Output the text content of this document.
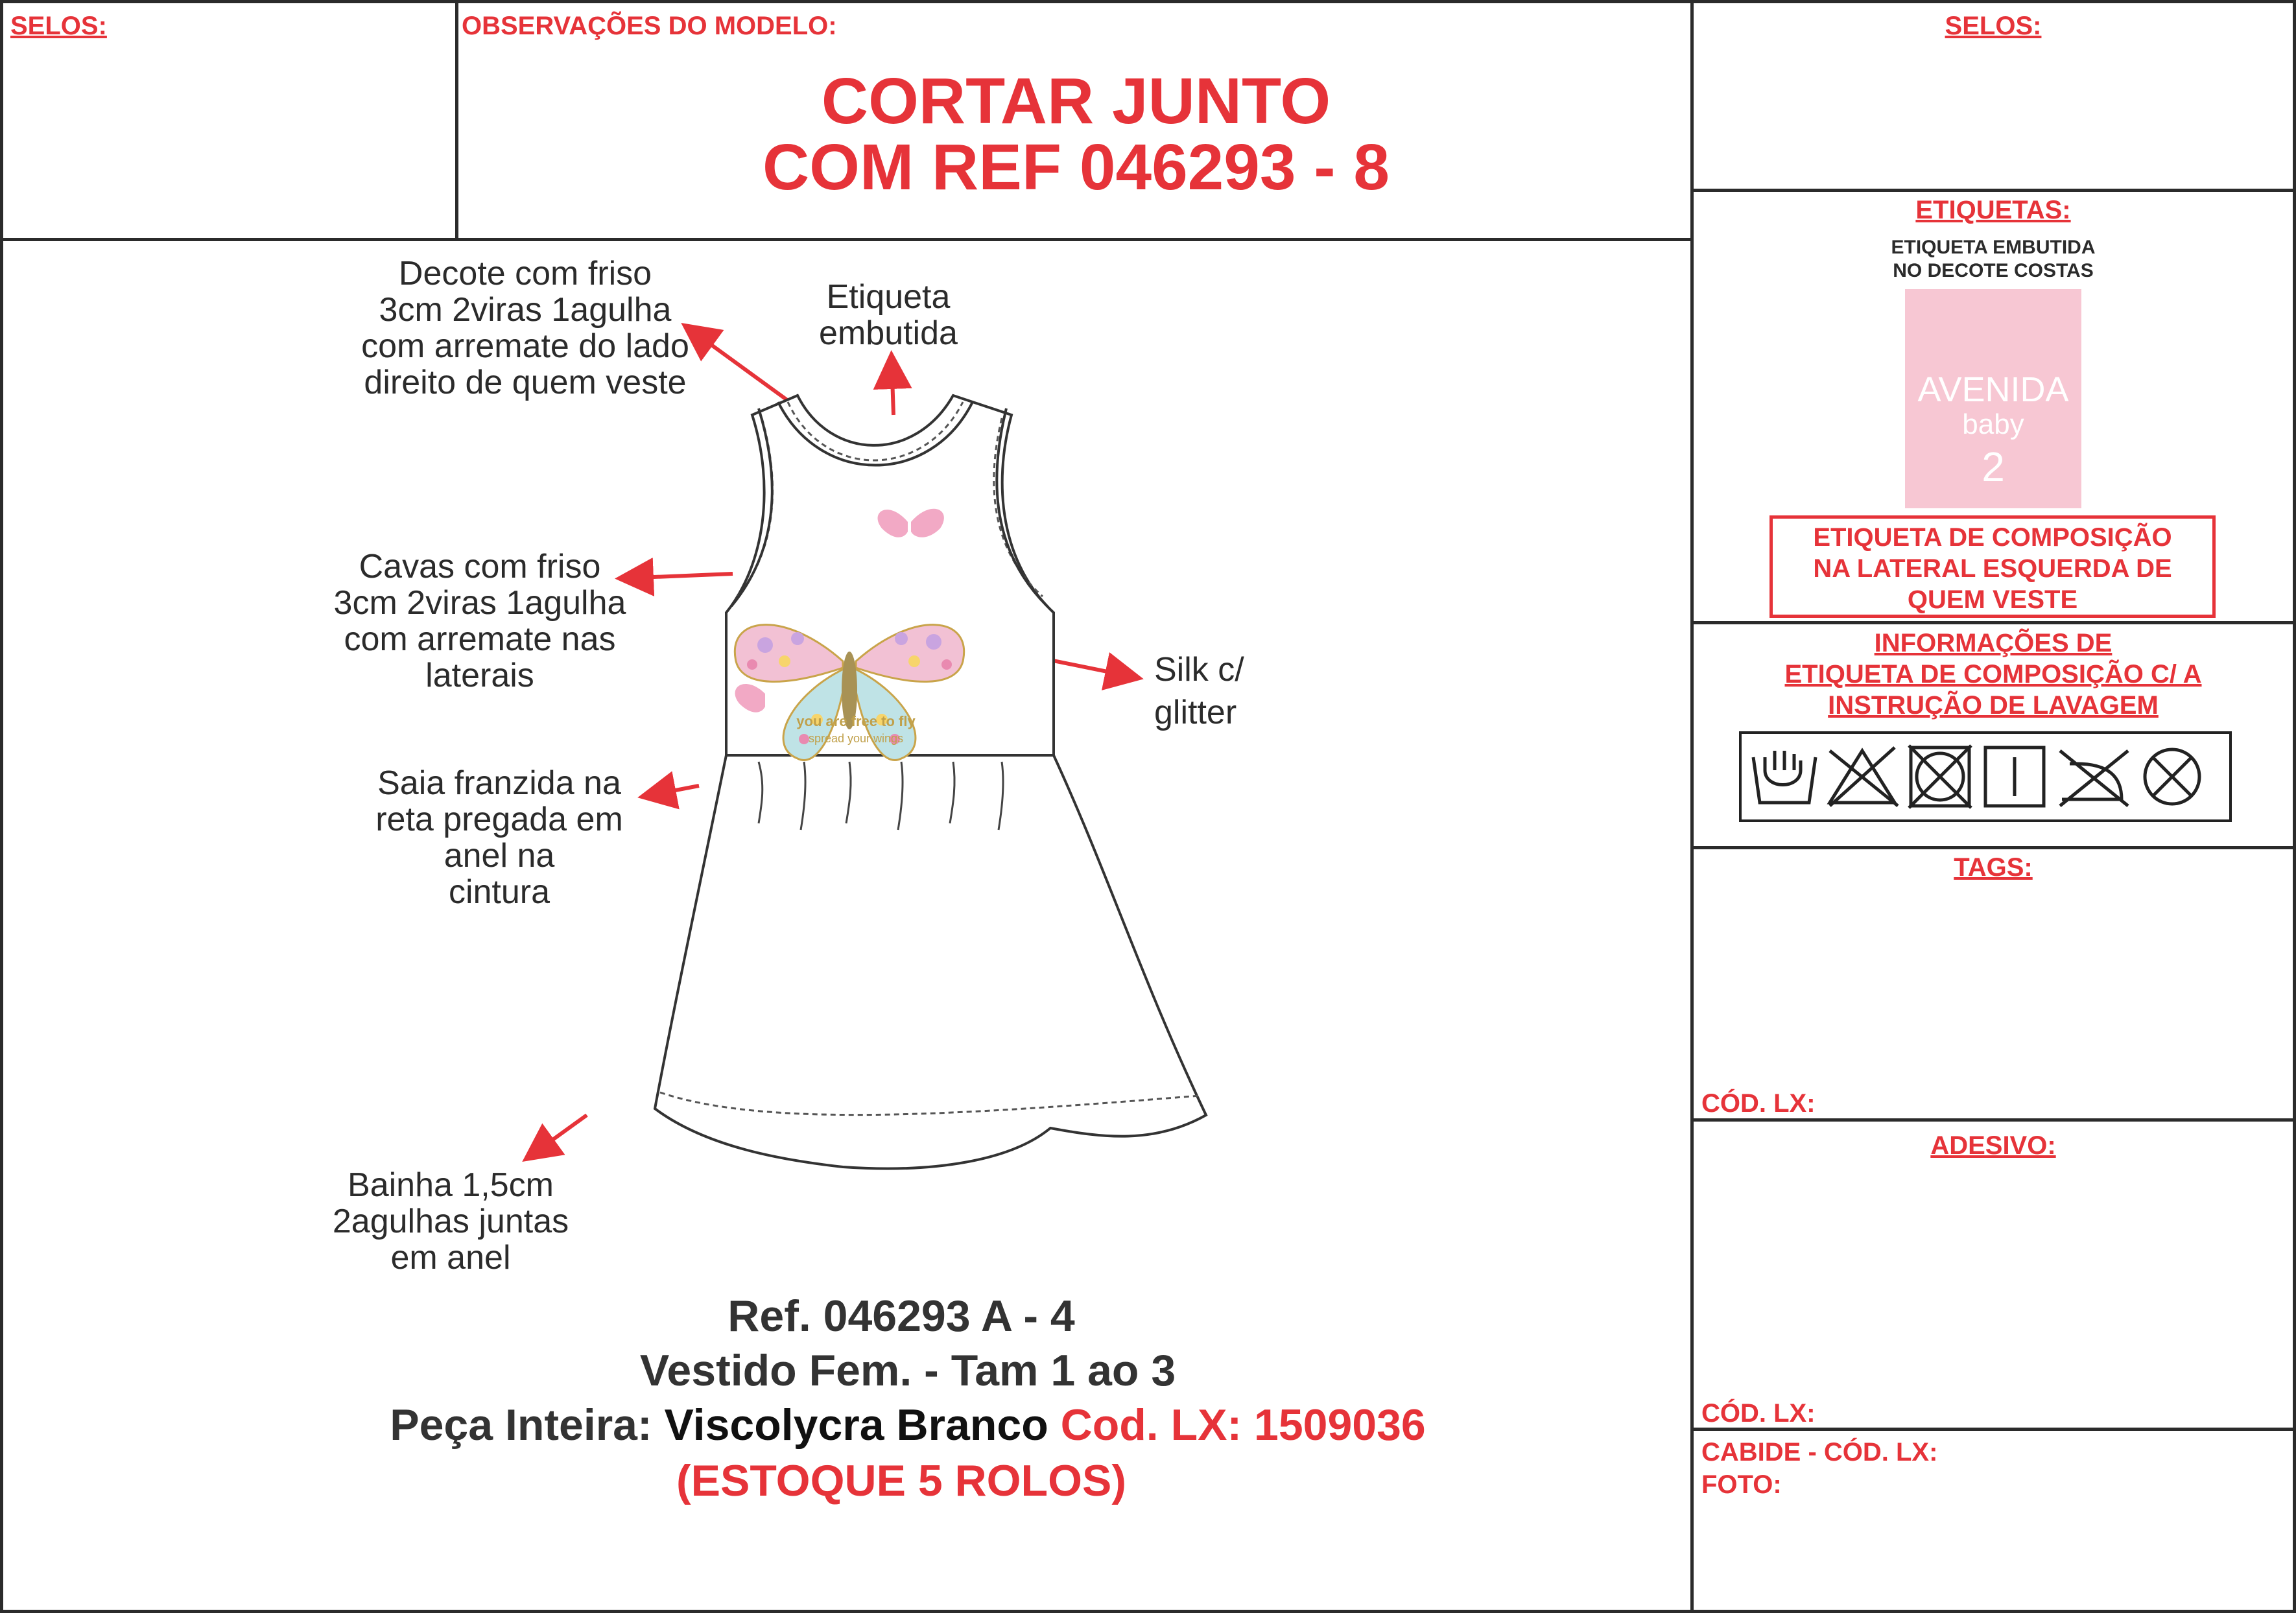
SELOS:	OBSERVAÇÕES DO MODELO:
CORTAR JUNTO
COM REF 046293 - 8
Decote com friso
3cm 2viras 1agulha
com arremate do lado
direito de quem veste
Etiqueta
embutida
Cavas com friso
3cm 2viras 1agulha
com arremate nas
laterais	Silk c/
glitter
Saia franzida na
reta pregada em
anel na
cintura
Bainha 1,5cm
2agulhas juntas
em anel
you are free to fly
spread your wings
Ref. 046293 A - 4
Vestido Fem. - Tam 1 ao 3
Peça Inteira: Viscolycra Branco Cod. LX: 1509036
(ESTOQUE 5 ROLOS)
SELOS:
ETIQUETAS:
ETIQUETA EMBUTIDA
NO DECOTE COSTAS
AVENIDA
baby
2
ETIQUETA DE COMPOSIÇÃO
NA LATERAL ESQUERDA DE
QUEM VESTE
INFORMAÇÕES DE
ETIQUETA DE COMPOSIÇÃO C/ A
INSTRUÇÃO DE LAVAGEM
TAGS:
CÓD. LX:
ADESIVO:
CÓD. LX:
CABIDE - CÓD. LX:
FOTO:
